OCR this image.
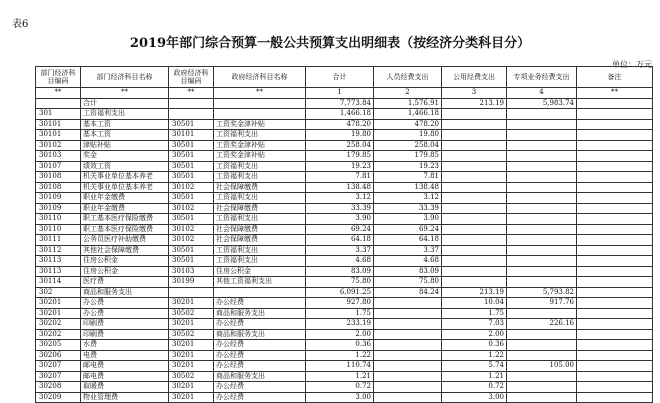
表6
2019年部门综合预算一般公共预算支出明细表（按经济分类科目分）
单位：万元
部门经济科目编码	部门经济科目名称	政府经济科目编码	政府经济科目名称	合计	人员经费支出	公用经费支出	专项业务经费支出	备注
**	**	**	**	1	2	3	4	**
	合计			7,773.84	1,576.91	213.19	5,983.74	
301	工资福利支出			1,466.18	1,466.18			
30101	基本工资	30501	工资奖金津补贴	478.20	478.20			
30101	基本工资	30101	工资福利支出	19.80	19.80			
30102	津贴补贴	30501	工资奖金津补贴	258.04	258.04			
30103	奖金	30501	工资奖金津补贴	179.85	179.85			
30107	绩效工资	30501	工资福利支出	19.23	19.23			
30108	机关事业单位基本养老	30501	工资福利支出	7.81	7.81			
30108	机关事业单位基本养老	30102	社会保障缴费	138.48	138.48			
30109	职业年金缴费	30501	工资福利支出	3.12	3.12			
30109	职业年金缴费	30102	社会保障缴费	33.39	33.39			
30110	职工基本医疗保险缴费	30501	工资福利支出	3.90	3.90			
30110	职工基本医疗保险缴费	30102	社会保障缴费	69.24	69.24			
30111	公务员医疗补助缴费	30102	社会保障缴费	64.18	64.18			
30112	其他社会保障缴费	30501	工资福利支出	3.37	3.37			
30113	住房公积金	30501	工资福利支出	4.68	4.68			
30113	住房公积金	30103	住房公积金	83.09	83.09			
30114	医疗费	30199	其他工资福利支出	75.80	75.80			
302	商品和服务支出			6,091.25	84.24	213.19	5,793.82	
30201	办公费	30201	办公经费	927.80		10.04	917.76	
30201	办公费	30502	商品和服务支出	1.75		1.75		
30202	印刷费	30201	办公经费	233.19		7.03	226.16	
30202	印刷费	30502	商品和服务支出	2.00		2.00		
30205	水费	30201	办公经费	0.36		0.36		
30206	电费	30201	办公经费	1.22		1.22		
30207	邮电费	30201	办公经费	110.74		5.74	105.00	
30207	邮电费	30502	商品和服务支出	1.21		1.21		
30208	取暖费	30201	办公经费	0.72		0.72		
30209	物业管理费	30201	办公经费	3.00		3.00		
